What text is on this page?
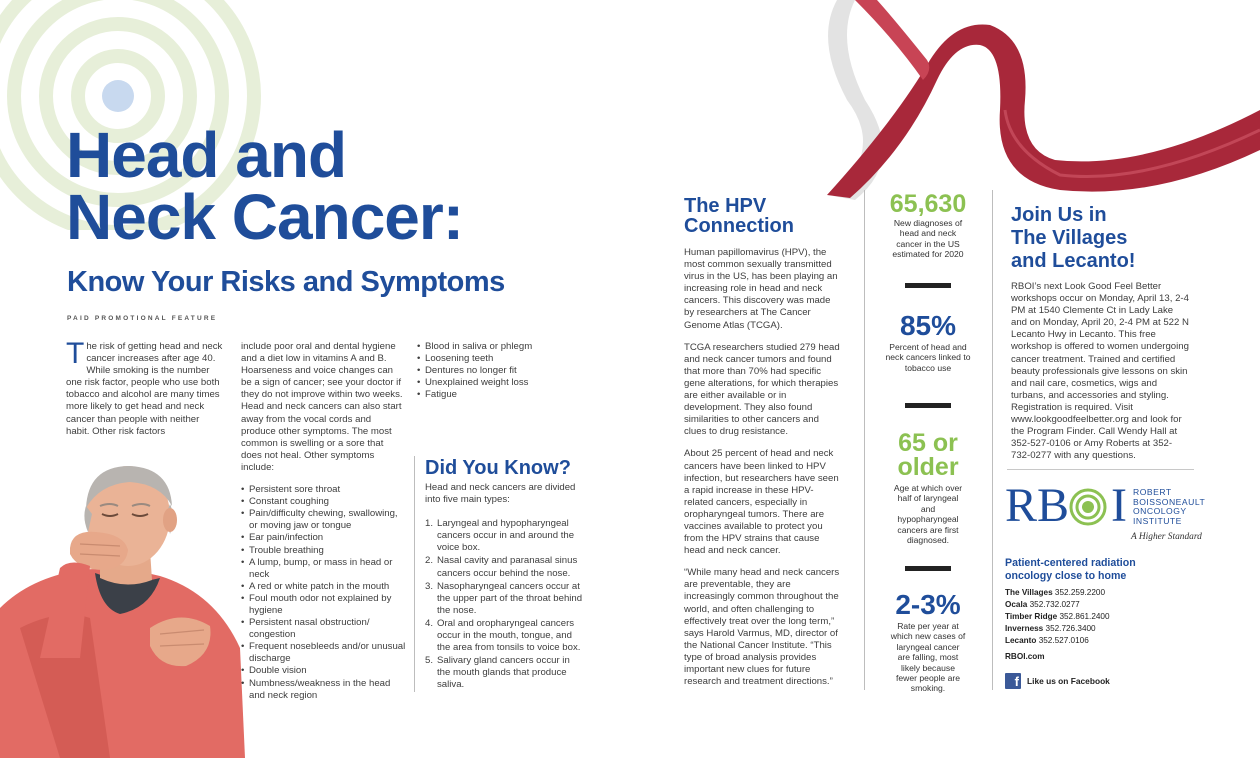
Head and
Neck Cancer:
Know Your Risks and Symptoms
PAID PROMOTIONAL FEATURE
The risk of getting head and neck cancer increases after age 40. While smoking is the number one risk factor, people who use both tobacco and alcohol are many times more likely to get head and neck cancer than people with neither habit. Other risk factors

include poor oral and dental hygiene and a diet low in vitamins A and B. Hoarseness and voice changes can be a sign of cancer; see your doctor if they do not improve within two weeks. Head and neck cancers can also start away from the vocal cords and produce other symptoms. The most common is swelling or a sore that does not heal. Other symptoms include:

• Persistent sore throat
• Constant coughing
• Pain/difficulty chewing, swallowing, or moving jaw or tongue
• Ear pain/infection
• Trouble breathing
• A lump, bump, or mass in head or neck
• A red or white patch in the mouth
• Foul mouth odor not explained by hygiene
• Persistent nasal obstruction/ congestion
• Frequent nosebleeds and/or unusual discharge
• Double vision
• Numbness/weakness in the head and neck region
• Blood in saliva or phlegm
• Loosening teeth
• Dentures no longer fit
• Unexplained weight loss
• Fatigue
Did You Know?

Head and neck cancers are divided into five main types:

1. Laryngeal and hypopharyngeal cancers occur in and around the voice box.
2. Nasal cavity and paranasal sinus cancers occur behind the nose.
3. Nasopharyngeal cancers occur at the upper part of the throat behind the nose.
4. Oral and oropharyngeal cancers occur in the mouth, tongue, and the area from tonsils to voice box.
5. Salivary gland cancers occur in the mouth glands that produce saliva.
The HPV
Connection

Human papillomavirus (HPV), the most common sexually transmitted virus in the US, has been playing an increasing role in head and neck cancers. This discovery was made by researchers at The Cancer Genome Atlas (TCGA).

TCGA researchers studied 279 head and neck cancer tumors and found that more than 70% had specific gene alterations, for which therapies are either available or in development. They also found similarities to other cancers and clues to drug resistance.

About 25 percent of head and neck cancers have been linked to HPV infection, but researchers have seen a rapid increase in these HPV-related cancers, especially in oropharyngeal tumors. There are vaccines available to protect you from the HPV strains that cause head and neck cancer.

“While many head and neck cancers are preventable, they are increasingly common throughout the world, and often challenging to effectively treat over the long term,” says Harold Varmus, MD, director of the National Cancer Institute. “This type of broad analysis provides important new clues for future research and treatment directions.”

65,630
New diagnoses of head and neck cancer in the US estimated for 2020
85%
Percent of head and neck cancers linked to tobacco use
65 or older
Age at which over half of laryngeal and hypopharyngeal cancers are first diagnosed.
2-3%
Rate per year at which new cases of laryngeal cancer are falling, most likely because fewer people are smoking.
Join Us in
The Villages
and Lecanto!

RBOI’s next Look Good Feel Better workshops occur on Monday, April 13, 2-4 PM at 1540 Clemente Ct in Lady Lake and on Monday, April 20, 2-4 PM at 522 N Lecanto Hwy in Lecanto. This free workshop is offered to women undergoing cancer treatment. Trained and certified beauty professionals give lessons on skin and nail care, cosmetics, wigs and turbans, and accessories and styling. Registration is required. Visit www.lookgoodfeelbetter.org and look for the Program Finder. Call Wendy Hall at 352-527-0106 or Amy Roberts at 352-732-0277 with any questions.

RB I ROBERT
BOISSONEAULT
ONCOLOGY
INSTITUTE
A Higher Standard
Patient-centered radiation
oncology close to home
The Villages 352.259.2200
Ocala 352.732.0277
Timber Ridge 352.861.2400
Inverness 352.726.3400
Lecanto 352.527.0106
RBOI.com
f Like us on Facebook
